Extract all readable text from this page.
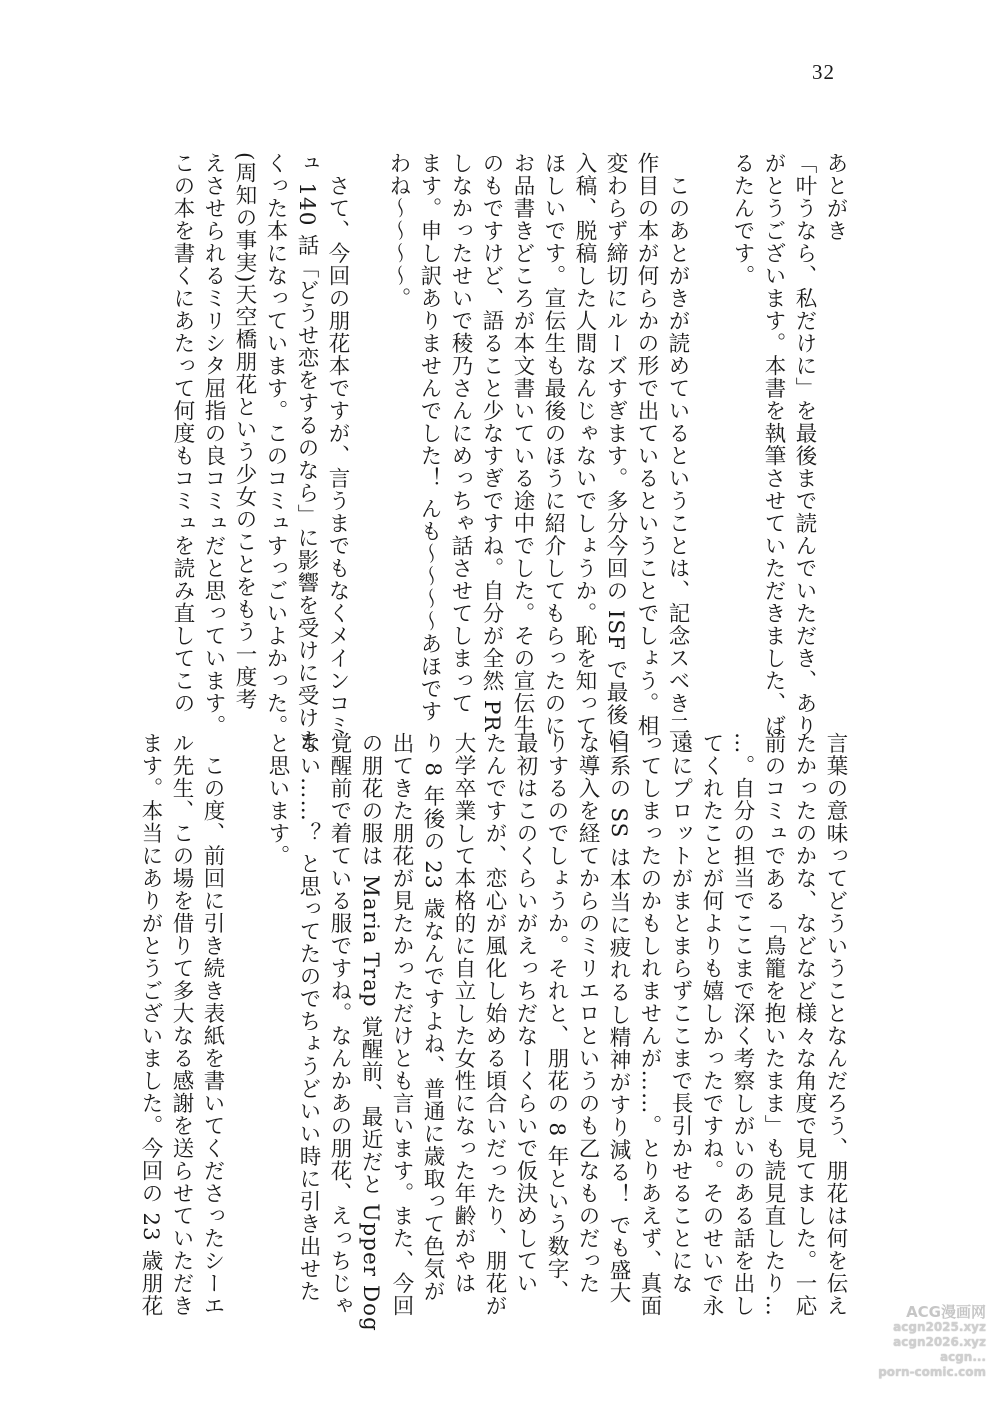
32
あとがき
「叶うなら、私だけに」を最後まで読んでいただき、あり
がとうございます。本書を執筆させていただきました、ば
るたんです。
　このあとがきが読めているということは、記念スベき二
作目の本が何らかの形で出ているということでしょう。相
変わらず締切にルーズすぎます。多分今回の ISF で最後に
入稿、脱稿した人間なんじゃないでしょうか。恥を知って
ほしいです。宣伝生も最後のほうに紹介してもらったのに
お品書きどころが本文書いている途中でした。その宣伝生
のもですけど、語ること少なすぎですね。自分が全然 PR
しなかったせいで稜乃さんにめっちゃ話させてしまって
ます。申し訳ありませんでした！ んも〜〜〜〜あほです
わね〜〜〜〜。
　さて、今回の朋花本ですが、言うまでもなくメインコミ
ュ 140 話「どうせ恋をするのなら」に影響を受けに受けま
くった本になっています。このコミュすっごいよかった。
(周知の事実)天空橋朋花という少女のことをもう一度考
えさせられるミリシタ屈指の良コミュだと思っています。
この本を書くにあたって何度もコミュを読み直してこの
言葉の意味ってどういうことなんだろう、朋花は何を伝え
たかったのかな、などなど様々な角度で見てました。一応
前のコミュである「鳥籠を抱いたまま」も読見直したり…
…。自分の担当でここまで深く考察しがいのある話を出し
てくれたことが何よりも嬉しかったですね。そのせいで永
遠にプロットがまとまらずここまで長引かせることにな
ってしまったのかもしれませんが……。とりあえず、真面
目系の SS は本当に疲れるし精神がすり減る！ でも盛大
な導入を経てからのミリエロというのも乙なものだった
りするのでしょうか。それと、朋花の 8 年という数字、
最初はこのくらいがえっちだなーくらいで仮決めしてい
たんですが、恋心が風化し始める頃合いだったり、朋花が
大学卒業して本格的に自立した女性になった年齢がやは
り 8 年後の 23 歳なんですよね、普通に歳取って色気が
出てきた朋花が見たかっただけとも言います。また、今回
の朋花の服は Maria Trap 覚醒前、最近だと Upper Dog
覚醒前で着ている服ですね。なんかあの朋花、えっちじゃ
ない……？ と思ってたのでちょうどいい時に引き出せた
と思います。
　この度、前回に引き続き表紙を書いてくださったシーエ
ル先生、この場を借りて多大なる感謝を送らせていただき
ます。本当にありがとうございました。今回の 23 歳朋花	ACG漫画网
acgn2025.xyz
acgn2026.xyz
acgn...
porn-comic.com
